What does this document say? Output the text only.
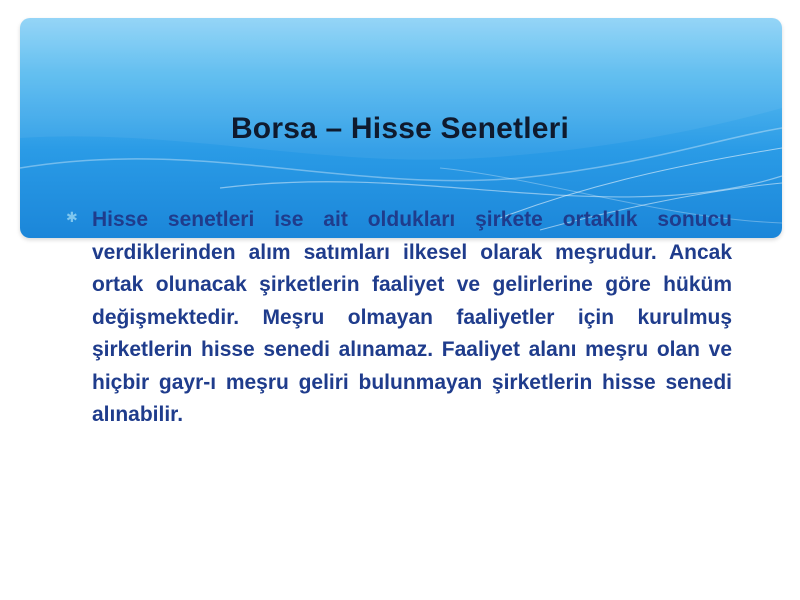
Borsa – Hisse Senetleri
✱ Hisse senetleri ise ait oldukları şirkete ortaklık sonucu verdiklerinden alım satımları ilkesel olarak meşrudur. Ancak ortak olunacak şirketlerin faaliyet ve gelirlerine göre hüküm değişmektedir. Meşru olmayan faaliyetler için kurulmuş şirketlerin hisse senedi alınamaz. Faaliyet alanı meşru olan ve hiçbir gayr-ı meşru geliri bulunmayan şirketlerin hisse senedi alınabilir.
